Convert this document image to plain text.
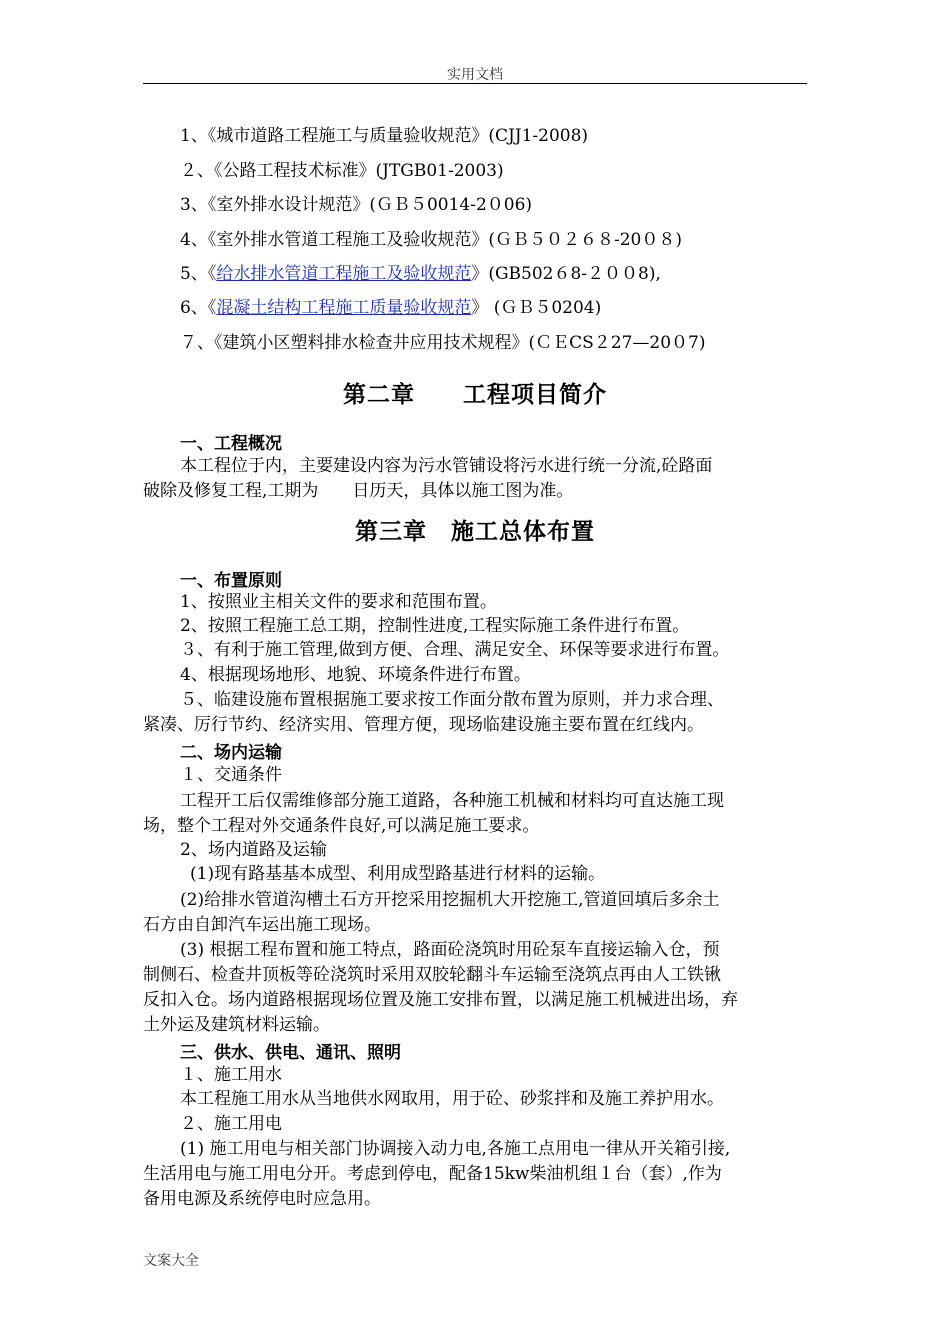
实用文档
1、《城市道路工程施工与质量验收规范》(CJJ1-2008)
２、《公路工程技术标准》(JTGB01-2003)
3、《室外排水设计规范》(ＧＢ５0014-2０06)
4、《室外排水管道工程施工及验收规范》(ＧＢ５０２６８-20０８)
5、《给水排水管道工程施工及验收规范》(GB502６8-２００8),
6、《混凝土结构工程施工质量验收规范》 (ＧＢ５0204)
７、《建筑小区塑料排水检查井应用技术规程》(ＣＥCS２27—20０7)
第二章　　工程项目简介
一、工程概况
本工程位于内，主要建设内容为污水管铺设将污水进行统一分流,砼路面
破除及修复工程,工期为　　日历天，具体以施工图为准。
第三章　施工总体布置
一、布置原则
1、按照业主相关文件的要求和范围布置。
2、按照工程施工总工期，控制性进度,工程实际施工条件进行布置。
３、有利于施工管理,做到方便、合理、满足安全、环保等要求进行布置。
4、根据现场地形、地貌、环境条件进行布置。
５、临建设施布置根据施工要求按工作面分散布置为原则，并力求合理、
紧凑、厉行节约、经济实用、管理方便，现场临建设施主要布置在红线内。
二、场内运输
１、交通条件
工程开工后仅需维修部分施工道路，各种施工机械和材料均可直达施工现
场，整个工程对外交通条件良好,可以满足施工要求。
2、场内道路及运输
(1)现有路基基本成型、利用成型路基进行材料的运输。
(2)给排水管道沟槽土石方开挖采用挖掘机大开挖施工,管道回填后多余土
石方由自卸汽车运出施工现场。
(3) 根据工程布置和施工特点，路面砼浇筑时用砼泵车直接运输入仓，预
制侧石、检查井顶板等砼浇筑时采用双胶轮翻斗车运输至浇筑点再由人工铁锹
反扣入仓。场内道路根据现场位置及施工安排布置，以满足施工机械进出场，弃
土外运及建筑材料运输。
三、供水、供电、通讯、照明
１、施工用水
本工程施工用水从当地供水网取用，用于砼、砂浆拌和及施工养护用水。
２、施工用电
(1) 施工用电与相关部门协调接入动力电,各施工点用电一律从开关箱引接,
生活用电与施工用电分开。考虑到停电，配备15kw柴油机组１台（套）,作为
备用电源及系统停电时应急用。
文案大全
